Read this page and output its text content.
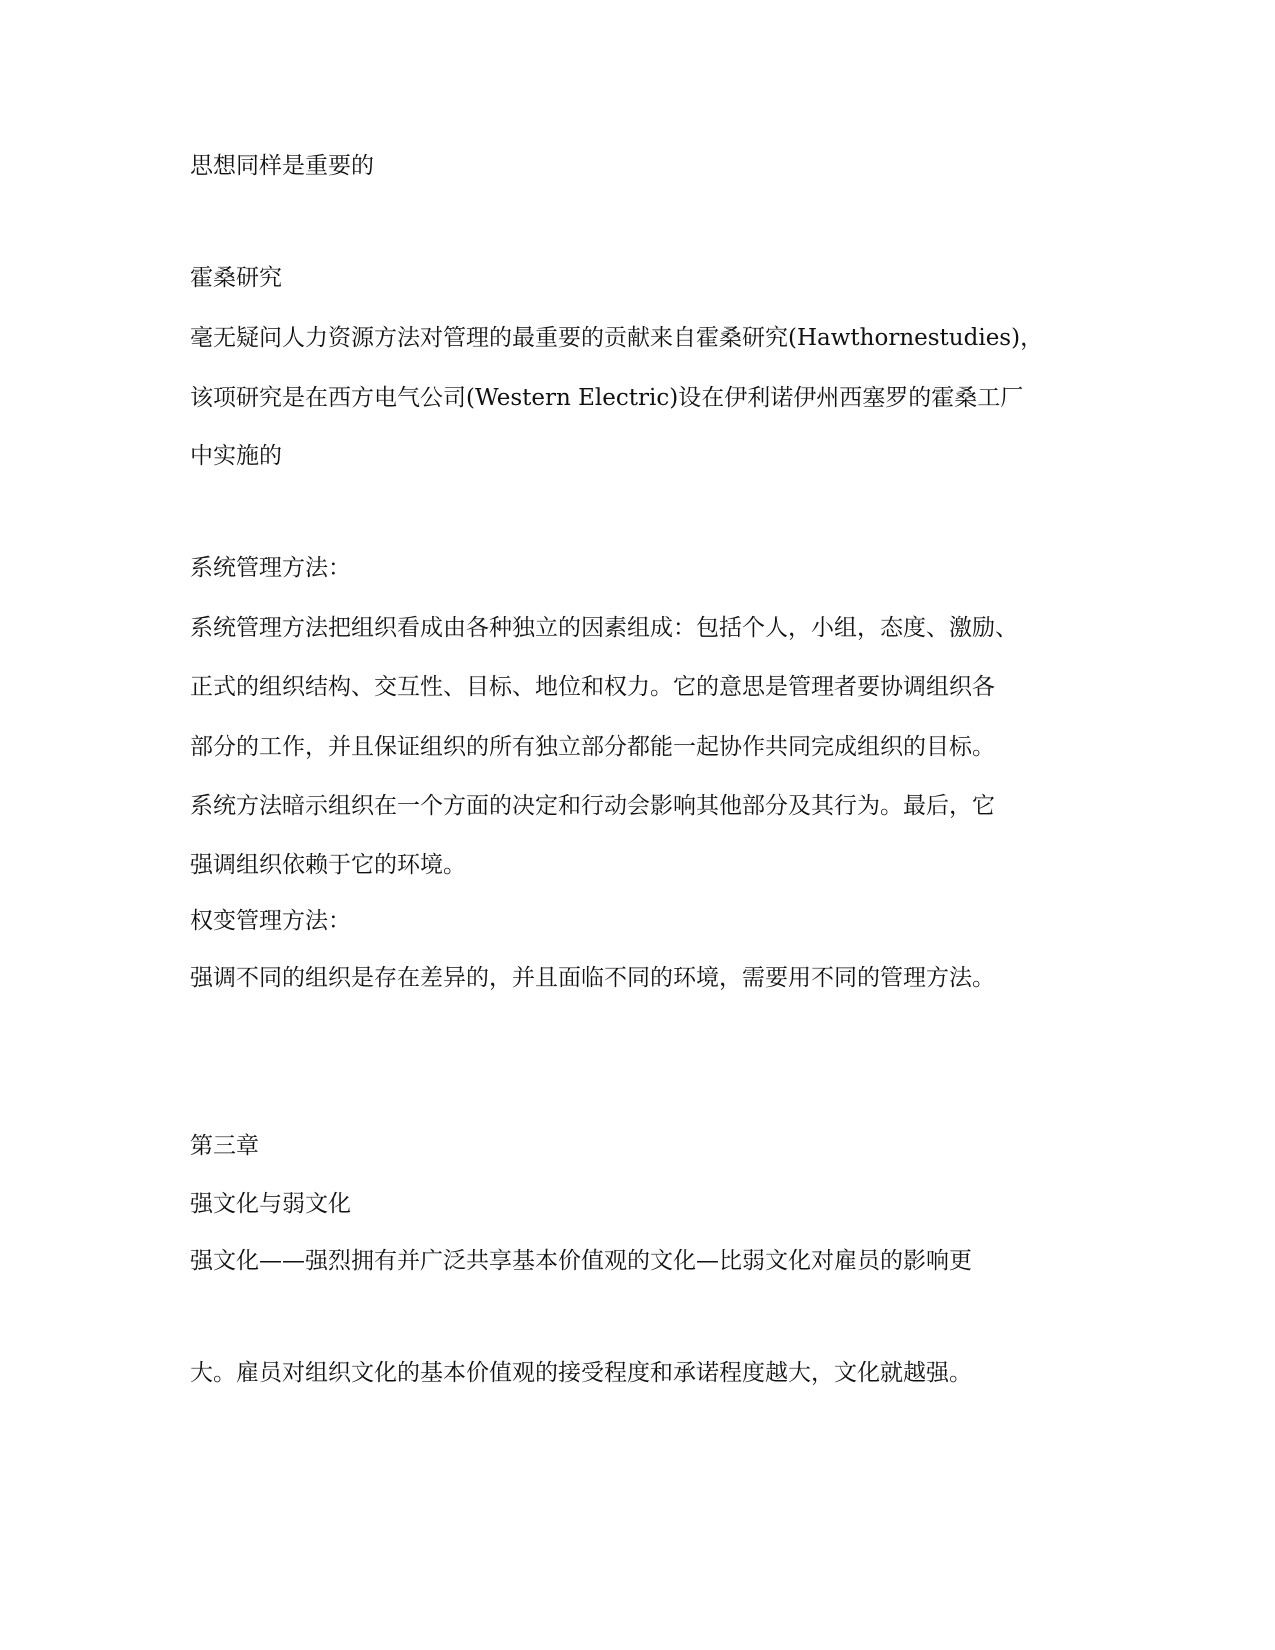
思想同样是重要的

霍桑研究

毫无疑问人力资源方法对管理的最重要的贡献来自霍桑研究(Hawthornestudies)，

该项研究是在西方电气公司(Western Electric)设在伊利诺伊州西塞罗的霍桑工厂

中实施的

系统管理方法：

系统管理方法把组织看成由各种独立的因素组成：包括个人，小组，态度、激励、

正式的组织结构、交互性、目标、地位和权力。它的意思是管理者要协调组织各

部分的工作，并且保证组织的所有独立部分都能一起协作共同完成组织的目标。

系统方法暗示组织在一个方面的决定和行动会影响其他部分及其行为。最后，它

强调组织依赖于它的环境。

权变管理方法：

强调不同的组织是存在差异的，并且面临不同的环境，需要用不同的管理方法。

第三章

强文化与弱文化

强文化——强烈拥有并广泛共享基本价值观的文化—比弱文化对雇员的影响更

大。雇员对组织文化的基本价值观的接受程度和承诺程度越大，文化就越强。
